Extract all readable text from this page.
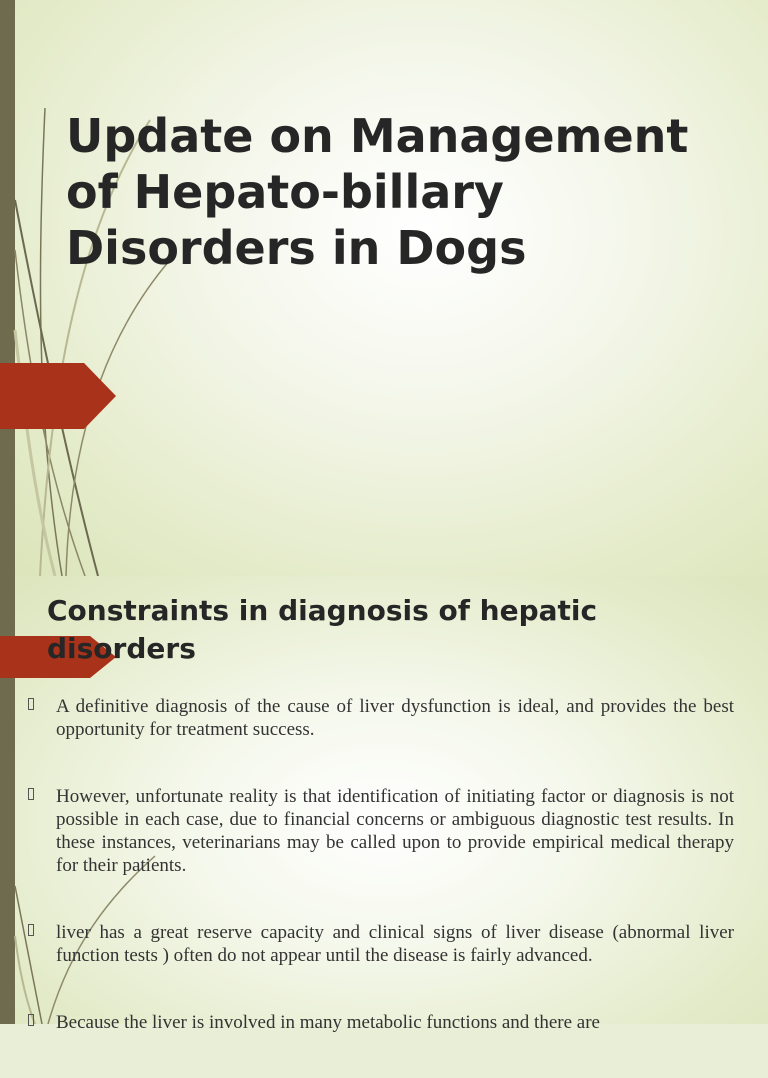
Update on Management of Hepato-billary Disorders in Dogs
Constraints in diagnosis of hepatic disorders
A definitive diagnosis of the cause of liver dysfunction is ideal, and provides the best opportunity for treatment success.
However, unfortunate reality is that identification of initiating factor or diagnosis is not possible in each case, due to financial concerns or ambiguous diagnostic test results. In these instances, veterinarians may be called upon to provide empirical medical therapy for their patients.
liver has a great reserve capacity and clinical signs of liver disease (abnormal liver function tests ) often do not appear until the disease is fairly advanced.
Because the liver is involved in many metabolic functions and there are
